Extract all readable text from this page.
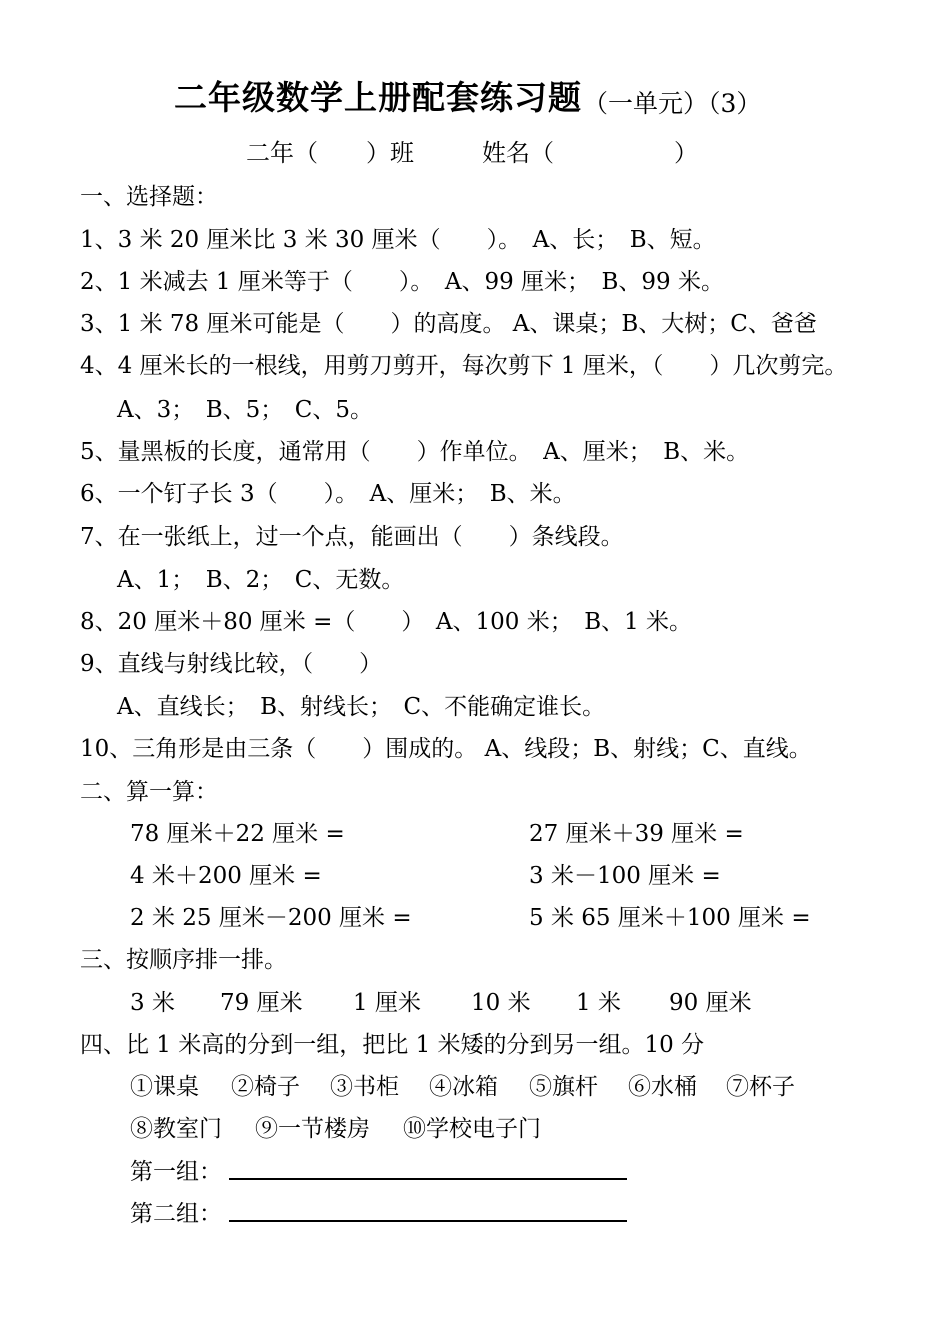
二年级数学上册配套练习题 （一单元）（3）
二年（　　）班	姓名（　　　　　）
一、选择题：
1、3 米 20 厘米比 3 米 30 厘米（　　）。　A、长；　B、短。
2、1 米减去 1 厘米等于（　　）。　A、99 厘米；　B、99 米。
3、1 米 78 厘米可能是（　　）的高度。 A、课桌；B、大树；C、爸爸
4、4 厘米长的一根线，用剪刀剪开，每次剪下 1 厘米，（　　）几次剪完。
A、3；　B、5；　C、5。
5、量黑板的长度，通常用（　　）作单位。　A、厘米；　B、米。
6、一个钉子长 3（　　）。　A、厘米；　B、米。
7、在一张纸上，过一个点，能画出（　　）条线段。
A、1；　B、2；　C、无数。
8、20 厘米＋80 厘米 =（　　）　A、100 米；　B、1 米。
9、直线与射线比较，（　　）
A、直线长；　B、射线长；　C、不能确定谁长。
10、三角形是由三条（　　）围成的。 A、线段；B、射线；C、直线。
二、算一算：
78 厘米＋22 厘米 =	27 厘米＋39 厘米 =
4 米＋200 厘米 =	3 米－100 厘米 =
2 米 25 厘米－200 厘米 =	5 米 65 厘米＋100 厘米 =
三、按顺序排一排。
3 米 79 厘米 1 厘米 10 米 1 米 90 厘米
四、比 1 米高的分到一组，把比 1 米矮的分到另一组。10 分
①课桌 ②椅子 ③书柜 ④冰箱 ⑤旗杆 ⑥水桶 ⑦杯子
⑧教室门 ⑨一节楼房 ⑩学校电子门
第一组：
第二组：
